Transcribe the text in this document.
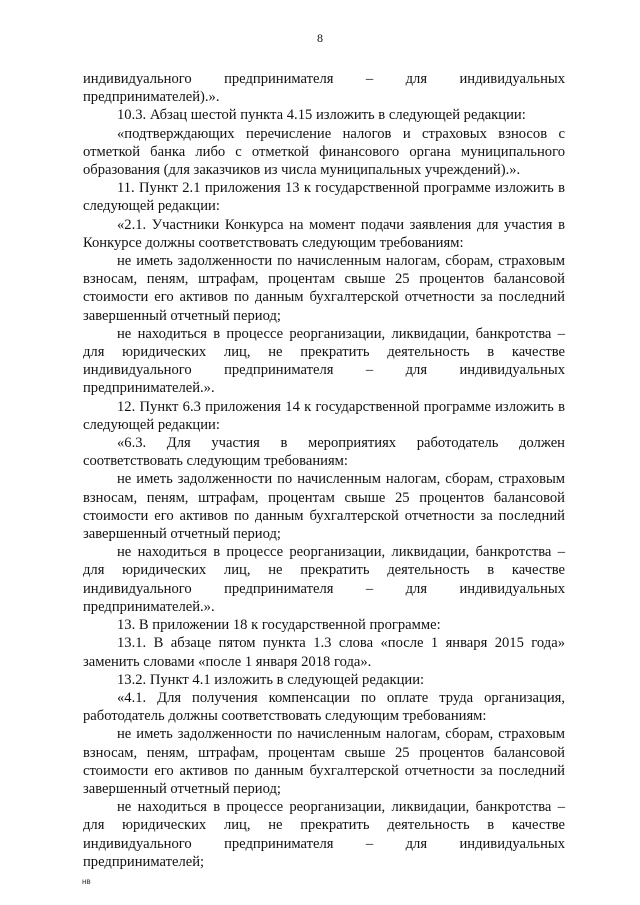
8

индивидуального предпринимателя – для индивидуальных предпринимателей).».

10.3. Абзац шестой пункта 4.15 изложить в следующей редакции:

«подтверждающих перечисление налогов и страховых взносов с отметкой банка либо с отметкой финансового органа муниципального образования (для заказчиков из числа муниципальных учреждений).».

11. Пункт 2.1 приложения 13 к государственной программе изложить в следующей редакции:

«2.1. Участники Конкурса на момент подачи заявления для участия в Конкурсе должны соответствовать следующим требованиям:

не иметь задолженности по начисленным налогам, сборам, страховым взносам, пеням, штрафам, процентам свыше 25 процентов балансовой стоимости его активов по данным бухгалтерской отчетности за последний завершенный отчетный период;

не находиться в процессе реорганизации, ликвидации, банкротства – для юридических лиц, не прекратить деятельность в качестве индивидуального предпринимателя – для индивидуальных предпринимателей.».

12. Пункт 6.3 приложения 14 к государственной программе изложить в следующей редакции:

«6.3. Для участия в мероприятиях работодатель должен соответствовать следующим требованиям:

не иметь задолженности по начисленным налогам, сборам, страховым взносам, пеням, штрафам, процентам свыше 25 процентов балансовой стоимости его активов по данным бухгалтерской отчетности за последний завершенный отчетный период;

не находиться в процессе реорганизации, ликвидации, банкротства – для юридических лиц, не прекратить деятельность в качестве индивидуального предпринимателя – для индивидуальных предпринимателей.».

13. В приложении 18 к государственной программе:

13.1. В абзаце пятом пункта 1.3 слова «после 1 января 2015 года» заменить словами «после 1 января 2018 года».

13.2. Пункт 4.1 изложить в следующей редакции:

«4.1. Для получения компенсации по оплате труда организация, работодатель должны соответствовать следующим требованиям:

не иметь задолженности по начисленным налогам, сборам, страховым взносам, пеням, штрафам, процентам свыше 25 процентов балансовой стоимости его активов по данным бухгалтерской отчетности за последний завершенный отчетный период;

не находиться в процессе реорганизации, ликвидации, банкротства – для юридических лиц, не прекратить деятельность в качестве индивидуального предпринимателя – для индивидуальных предпринимателей;

нв
